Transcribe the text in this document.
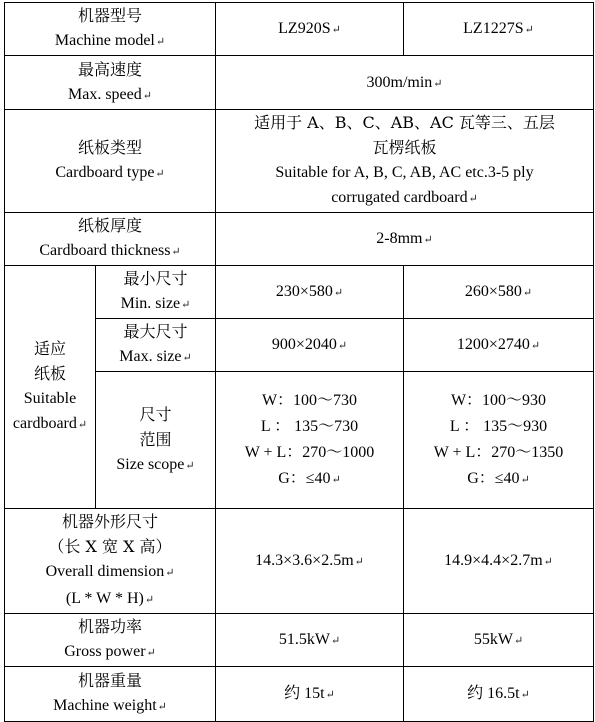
机器型号
Machine model ↵		LZ920S ↵	LZ1227S ↵

最高速度
Max. speed ↵		300m/min ↵

纸板类型
Cardboard type ↵		适用于 A、B、C、AB、AC 瓦等三、五层
瓦楞纸板
Suitable for A, B, C, AB, AC etc.3-5 ply
corrugated cardboard ↵

纸板厚度
Cardboard thickness ↵		2-8mm ↵

适应
纸板
Suitable
cardboard ↵	最小尺寸
Min. size ↵	230×580 ↵	260×580 ↵

	最大尺寸
Max. size ↵	900×2040 ↵	1200×2740 ↵

	尺寸
范围
Size scope ↵	W：100～730
L ： 135～730
W + L：270～1000
G：≤40 ↵	W：100～930
L ： 135～930
W + L：270～1350
G：≤40 ↵

机器外形尺寸
（长 X 宽 X 高）
Overall dimension ↵
(L * W * H) ↵		14.3×3.6×2.5m ↵	14.9×4.4×2.7m ↵

机器功率
Gross power ↵		51.5kW ↵	55kW ↵

机器重量
Machine weight ↵		约 15t ↵	约 16.5t ↵
